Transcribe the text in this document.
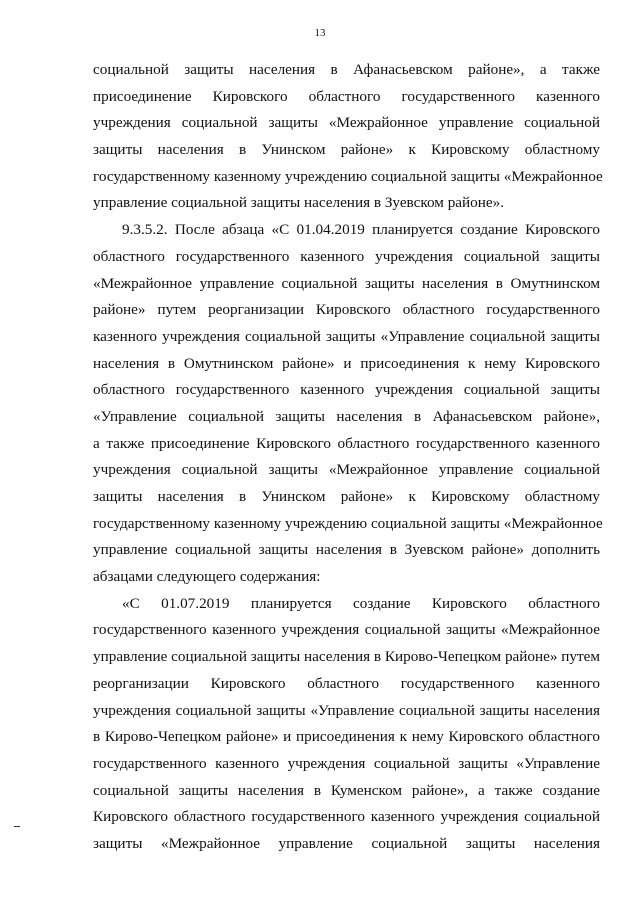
13
социальной защиты населения в Афанасьевском районе», а также
присоединение Кировского областного государственного казенного
учреждения социальной защиты «Межрайонное управление социальной
защиты населения в Унинском районе» к Кировскому областному
государственному казенному учреждению социальной защиты «Межрайонное
управление социальной защиты населения в Зуевском районе».
9.3.5.2. После абзаца «С 01.04.2019 планируется создание Кировского
областного государственного казенного учреждения социальной защиты
«Межрайонное управление социальной защиты населения в Омутнинском
районе» путем реорганизации Кировского областного государственного
казенного учреждения социальной защиты «Управление социальной защиты
населения в Омутнинском районе» и присоединения к нему Кировского
областного государственного казенного учреждения социальной защиты
«Управление социальной защиты населения в Афанасьевском районе»,
а также присоединение Кировского областного государственного казенного
учреждения социальной защиты «Межрайонное управление социальной
защиты населения в Унинском районе» к Кировскому областному
государственному казенному учреждению социальной защиты «Межрайонное
управление социальной защиты населения в Зуевском районе» дополнить
абзацами следующего содержания:
«С 01.07.2019 планируется создание Кировского областного
государственного казенного учреждения социальной защиты «Межрайонное
управление социальной защиты населения в Кирово-Чепецком районе» путем
реорганизации Кировского областного государственного казенного
учреждения социальной защиты «Управление социальной защиты населения
в Кирово-Чепецком районе» и присоединения к нему Кировского областного
государственного казенного учреждения социальной защиты «Управление
социальной защиты населения в Куменском районе», а также создание
Кировского областного государственного казенного учреждения социальной
защиты «Межрайонное управление социальной защиты населения
